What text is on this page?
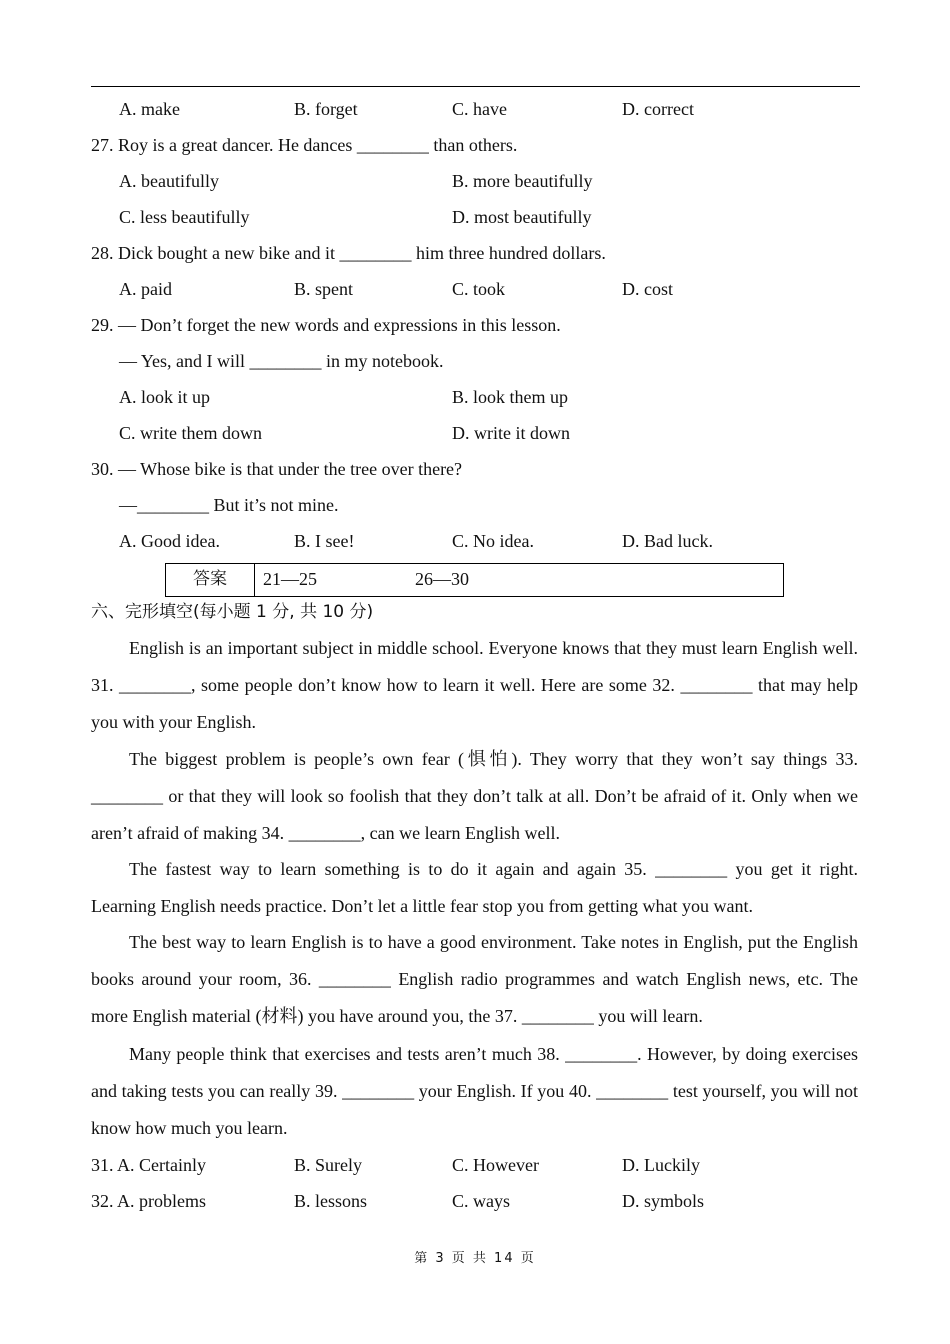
A. make	B. forget	C. have	D. correct
27. Roy is a great dancer. He dances ________ than others.
A. beautifully	B. more beautifully
C. less beautifully	D. most beautifully
28. Dick bought a new bike and it ________ him three hundred dollars.
A. paid	B. spent	C. took	D. cost
29. — Don’t forget the new words and expressions in this lesson.
— Yes, and I will ________ in my notebook.
A. look it up	B. look them up
C. write them down	D. write it down
30. — Whose bike is that under the tree over there?
—________ But it’s not mine.
A. Good idea.	B. I see!	C. No idea.	D. Bad luck.
答案	21—25	26—30
六、完形填空(每小题 1 分, 共 10 分)
English is an important subject in middle school. Everyone knows that they must learn English well. 31. ________, some people don’t know how to learn it well. Here are some 32. ________ that may help you with your English.
The biggest problem is people’s own fear (惧怕). They worry that they won’t say things 33. ________ or that they will look so foolish that they don’t talk at all. Don’t be afraid of it. Only when we aren’t afraid of making 34. ________, can we learn English well.
The fastest way to learn something is to do it again and again 35. ________ you get it right. Learning English needs practice. Don’t let a little fear stop you from getting what you want.
The best way to learn English is to have a good environment. Take notes in English, put the English books around your room, 36. ________ English radio programmes and watch English news, etc. The more English material (材料) you have around you, the 37. ________ you will learn.
Many people think that exercises and tests aren’t much 38. ________. However, by doing exercises and taking tests you can really 39. ________ your English. If you 40. ________ test yourself, you will not know how much you learn.
31. A. Certainly	B. Surely	C. However	D. Luckily
32. A. problems	B. lessons	C. ways	D. symbols
第 3 页 共 14 页
